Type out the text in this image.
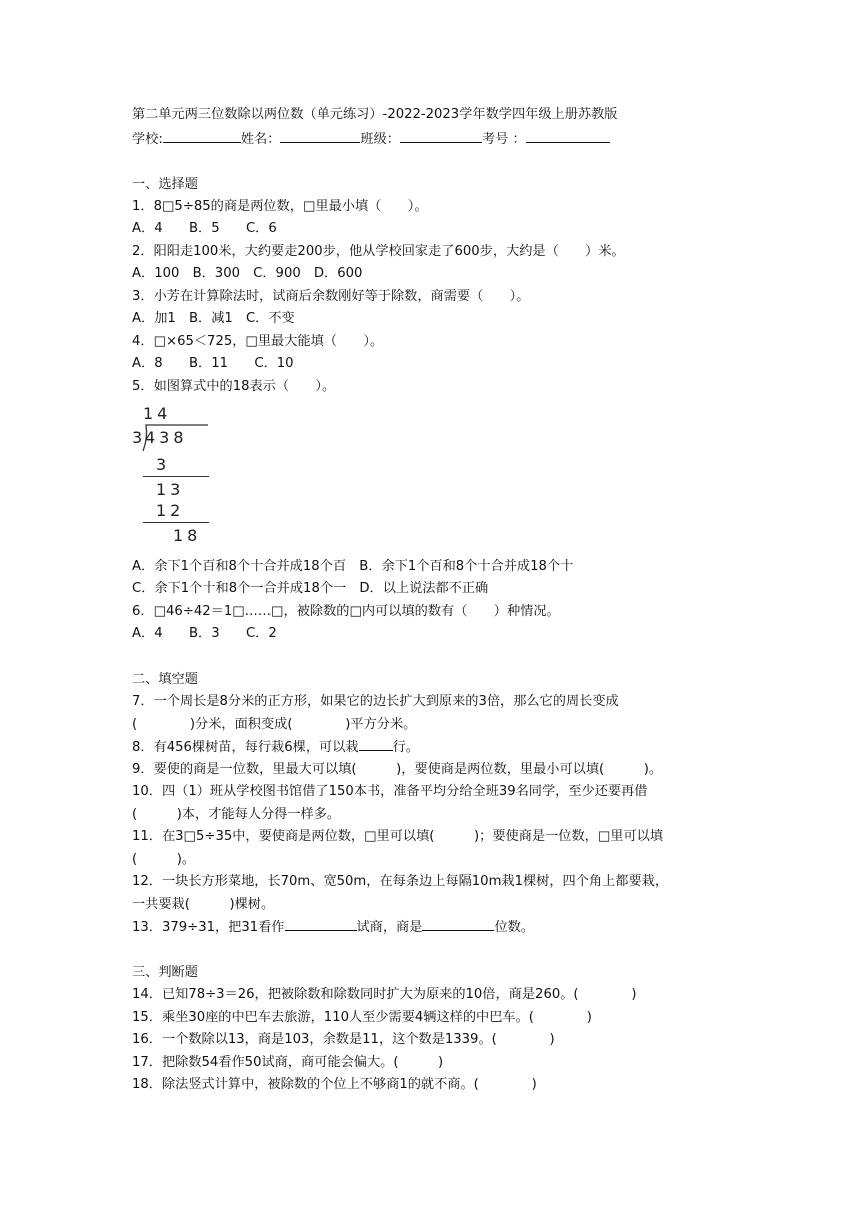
第二单元两三位数除以两位数（单元练习）-2022-2023学年数学四年级上册苏教版
学校:	姓名：	班级：	考号 ：
一、选择题
1．8□5÷85的商是两位数，□里最小填（　　）。
A．4　　B．5　　C．6
2．阳阳走100米，大约要走200步，他从学校回家走了600步，大约是（　　）米。
A．100　B．300　C．900　D．600
3．小芳在计算除法时，试商后余数刚好等于除数，商需要（　　）。
A．加1　B．减1　C．不变
4．□×65＜725，□里最大能填（　　）。
A．8　　B．11　　C．10
5．如图算式中的18表示（　　）。
14
3
438
3
13
12
18
A．余下1个百和8个十合并成18个百　B．余下1个百和8个十合并成18个十
C．余下1个十和8个一合并成18个一　D．以上说法都不正确
6．□46÷42＝1□……□，被除数的□内可以填的数有（　　）种情况。
A．4　　B．3　　C．2
二、填空题
7．一个周长是8分米的正方形，如果它的边长扩大到原来的3倍，那么它的周长变成
(　　　　)分米，面积变成(　　　　)平方分米。
8．有456棵树苗，每行栽6棵，可以栽	行。
9．要使的商是一位数，里最大可以填(　　　)，要使商是两位数，里最小可以填(　　　)。
10．四（1）班从学校图书馆借了150本书，准备平均分给全班39名同学，至少还要再借
(　　　)本，才能每人分得一样多。
11．在3□5÷35中，要使商是两位数，□里可以填(　　　)；要使商是一位数，□里可以填
(　　　)。
12．一块长方形菜地，长70m、宽50m，在每条边上每隔10m栽1棵树，四个角上都要栽，
一共要栽(　　　)棵树。
13．379÷31，把31看作	试商，商是	位数。
三、判断题
14．已知78÷3＝26，把被除数和除数同时扩大为原来的10倍，商是260。(　　　　)
15．乘坐30座的中巴车去旅游，110人至少需要4辆这样的中巴车。(　　　　)
16．一个数除以13，商是103，余数是11，这个数是1339。(　　　　)
17．把除数54看作50试商，商可能会偏大。(　　　)
18．除法竖式计算中，被除数的个位上不够商1的就不商。(　　　　)
